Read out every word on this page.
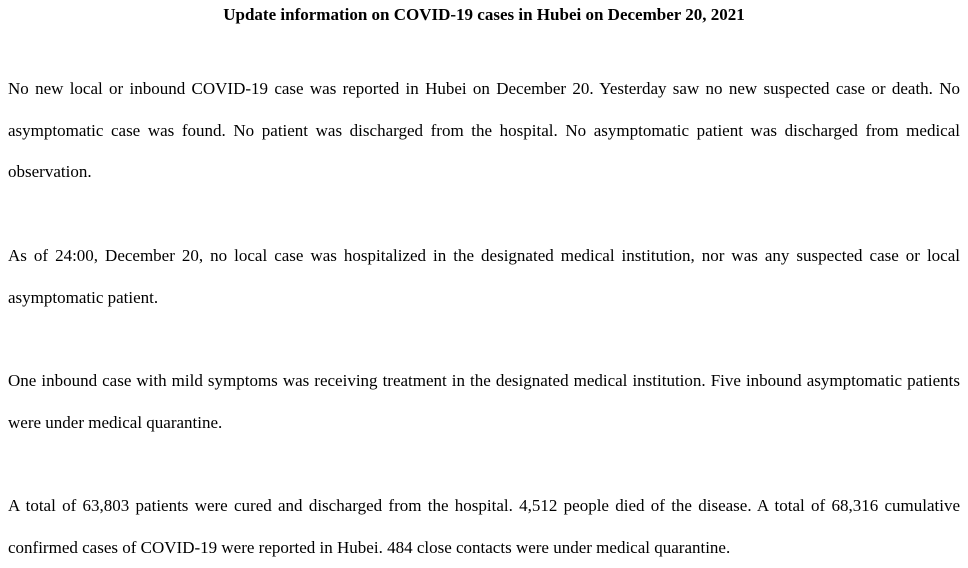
Update information on COVID-19 cases in Hubei on December 20, 2021

No new local or inbound COVID-19 case was reported in Hubei on December 20. Yesterday saw no new suspected case or death. No asymptomatic case was found. No patient was discharged from the hospital. No asymptomatic patient was discharged from medical observation.

As of 24:00, December 20, no local case was hospitalized in the designated medical institution, nor was any suspected case or local asymptomatic patient.

One inbound case with mild symptoms was receiving treatment in the designated medical institution. Five inbound asymptomatic patients were under medical quarantine.

A total of 63,803 patients were cured and discharged from the hospital. 4,512 people died of the disease. A total of 68,316 cumulative confirmed cases of COVID-19 were reported in Hubei. 484 close contacts were under medical quarantine.
